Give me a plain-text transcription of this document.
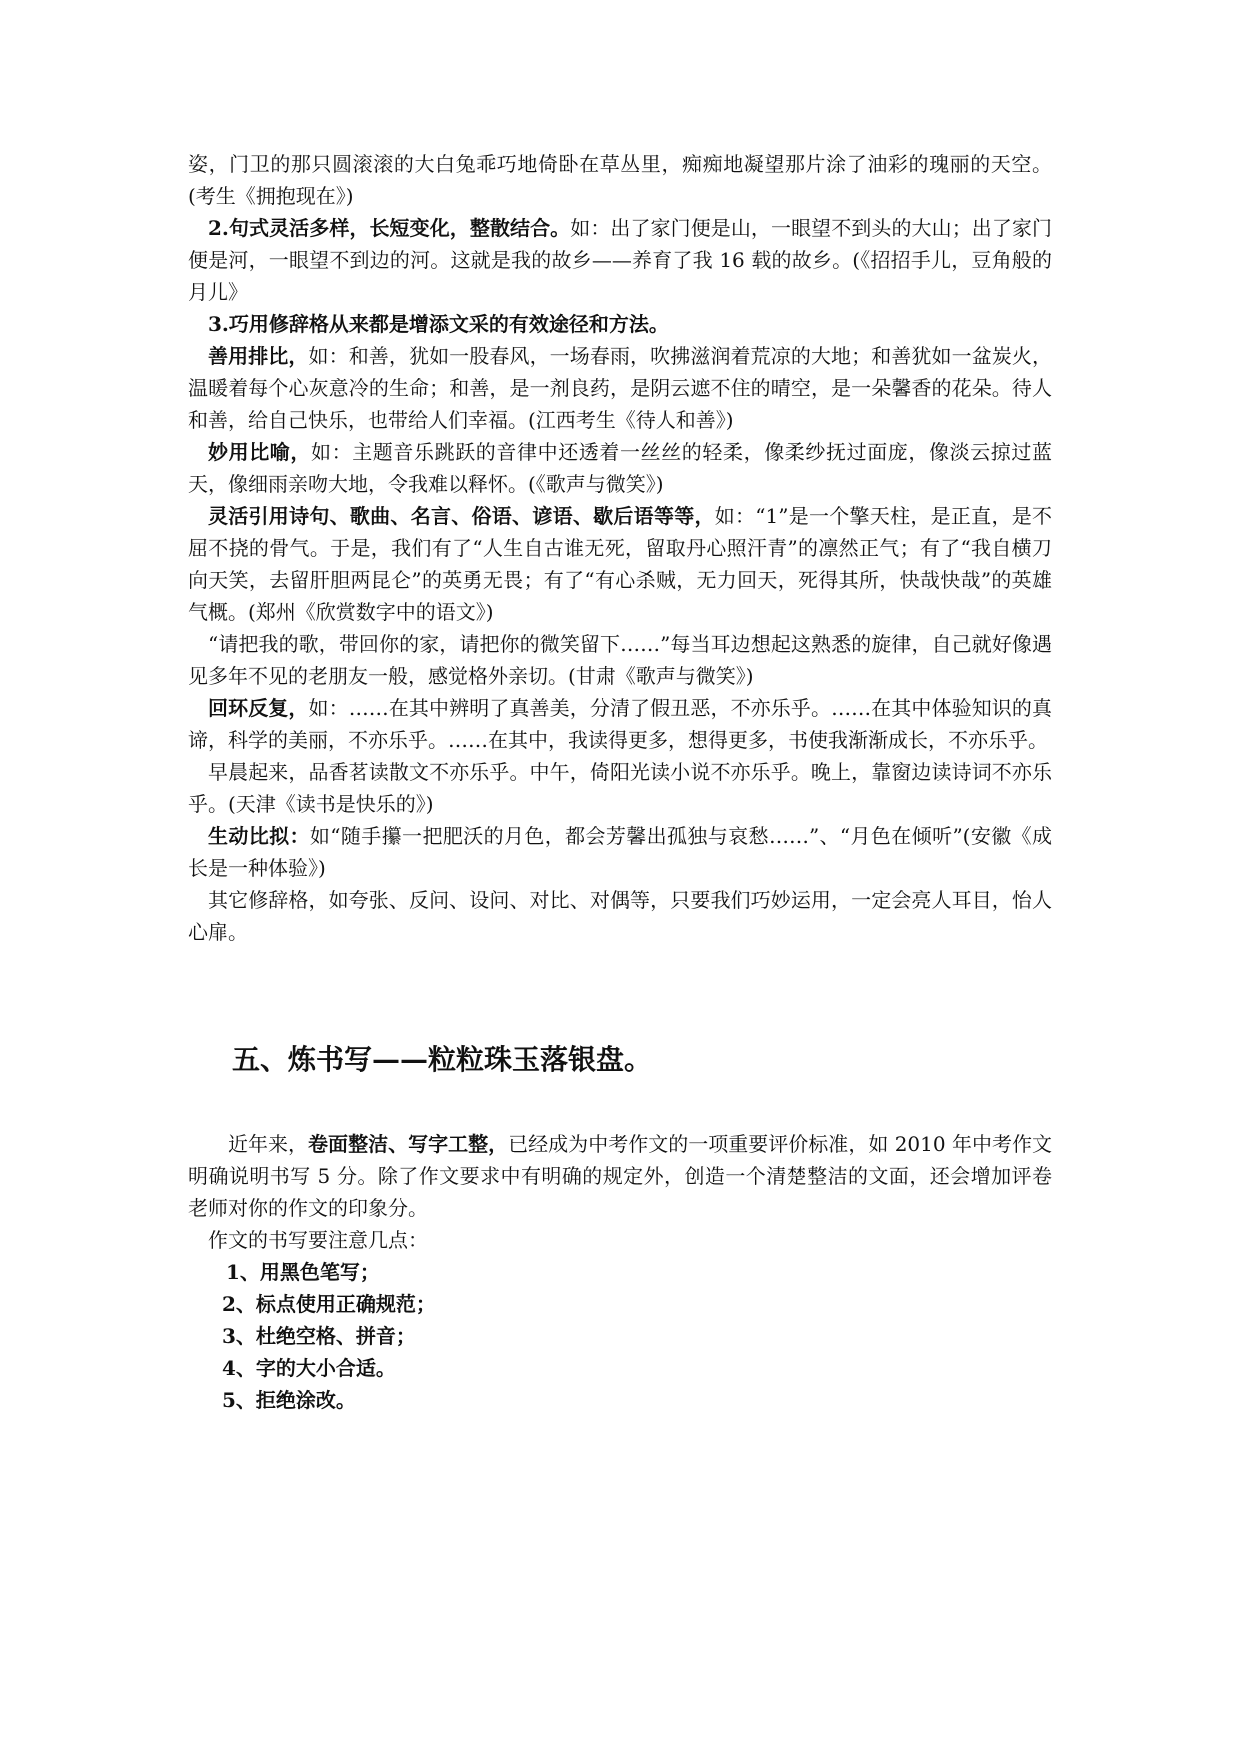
姿，门卫的那只圆滚滚的大白兔乖巧地倚卧在草丛里，痴痴地凝望那片涂了油彩的瑰丽的天空。(考生《拥抱现在》)

2.句式灵活多样，长短变化，整散结合。如：出了家门便是山，一眼望不到头的大山；出了家门便是河，一眼望不到边的河。这就是我的故乡——养育了我 16 载的故乡。(《招招手儿，豆角般的月儿》

3.巧用修辞格从来都是增添文采的有效途径和方法。

善用排比，如：和善，犹如一股春风，一场春雨，吹拂滋润着荒凉的大地；和善犹如一盆炭火，温暖着每个心灰意冷的生命；和善，是一剂良药，是阴云遮不住的晴空，是一朵馨香的花朵。待人和善，给自己快乐，也带给人们幸福。(江西考生《待人和善》)

妙用比喻，如：主题音乐跳跃的音律中还透着一丝丝的轻柔，像柔纱抚过面庞，像淡云掠过蓝天，像细雨亲吻大地，令我难以释怀。(《歌声与微笑》)

灵活引用诗句、歌曲、名言、俗语、谚语、歇后语等等，如：“1”是一个擎天柱，是正直，是不屈不挠的骨气。于是，我们有了“人生自古谁无死，留取丹心照汗青”的凛然正气；有了“我自横刀向天笑，去留肝胆两昆仑”的英勇无畏；有了“有心杀贼，无力回天，死得其所，快哉快哉”的英雄气概。(郑州《欣赏数字中的语文》)

“请把我的歌，带回你的家，请把你的微笑留下……”每当耳边想起这熟悉的旋律，自己就好像遇见多年不见的老朋友一般，感觉格外亲切。(甘肃《歌声与微笑》)

回环反复，如：……在其中辨明了真善美，分清了假丑恶，不亦乐乎。……在其中体验知识的真谛，科学的美丽，不亦乐乎。……在其中，我读得更多，想得更多，书使我渐渐成长，不亦乐乎。

早晨起来，品香茗读散文不亦乐乎。中午，倚阳光读小说不亦乐乎。晚上，靠窗边读诗词不亦乐乎。(天津《读书是快乐的》)

生动比拟：如“随手攥一把肥沃的月色，都会芳馨出孤独与哀愁……”、“月色在倾听”(安徽《成长是一种体验》)

其它修辞格，如夸张、反问、设问、对比、对偶等，只要我们巧妙运用，一定会亮人耳目，怡人心扉。

五、炼书写——粒粒珠玉落银盘。

近年来，卷面整洁、写字工整，已经成为中考作文的一项重要评价标准，如 2010 年中考作文明确说明书写 5 分。除了作文要求中有明确的规定外，创造一个清楚整洁的文面，还会增加评卷老师对你的作文的印象分。

作文的书写要注意几点：

1、用黑色笔写；
2、标点使用正确规范；
3、杜绝空格、拼音；
4、字的大小合适。
5、拒绝涂改。
